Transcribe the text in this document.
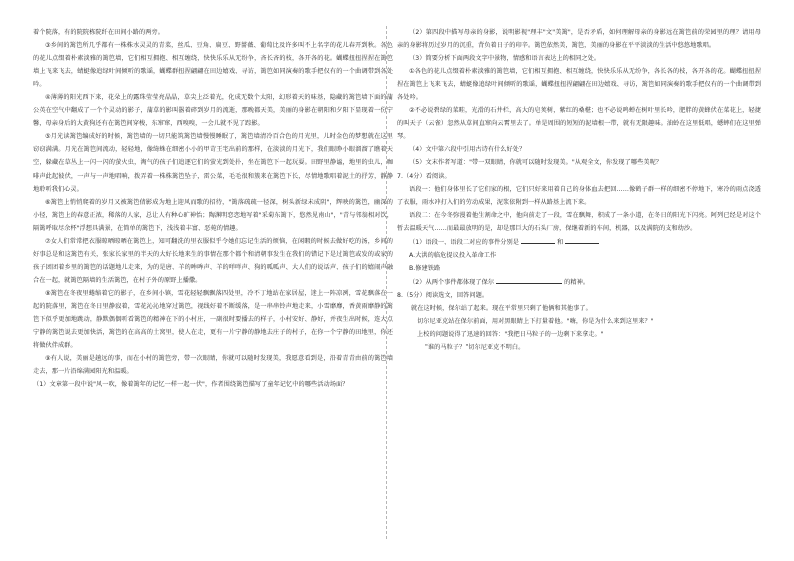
着个院落，有的院院栋院纤在田间小路的两旁。

③乡间的篱笆所几乎都有一株株水灵灵的青菜，丝瓜、豆角、扁豆、野蔷薇、葡萄比及许多叫不上名字的花儿春开到秋。各色的花儿点缀着朴素淡雅的篱笆墙，它们相互拥抱、相互缠绕，快快乐乐从无纷争，吝长吝的枝，各开各的花。蝴蝶扭扭捏捏在篱笆墙上飞来飞去，蜻蜓像追绿叶间倾听的歌谣，蝴蝶群扭捏翩翩在田边嬉戏、寻访，篱笆如同演奏的歌手把仅有的一个曲调带到各处吟。

④薄薄的阳光西下来，花朵上的露珠莹莹亮晶晶，草尖上泛着光，化成无数个太阳，幻形着天的味基，隐藏的篱笆墙下面的蒲公英在空气中翻成了一个个灵动的影子，蒲草的影叫嚣着碎到岁月的流逝，那晚都天美，美丽的身影在朝阳和夕阳下显现着一份宁馨，母亲身后的大黄狗还有在篱笆间穿梭，东窜窜，西嗅嗅，一会儿就不见了踪影。

⑤月光读篱笆编成好的时候，篱笆墙的一切只能筑篱笆墙慢慢睡眠了，篱笆墙清冷百合色的月光里，儿时金色的梦想就在这里窃窃满满。月光在篱笆间流动，轻轻地，像绮蛛在细密小小的甲苛王宅出前的那样，在淡淡的月光下，我们眼睁小眼溜溜了瞧着天空，躲藏在草丛上一闪一闪的萤火虫，淘气的孩子们追逐它们的萤光到处扑，坐在篱笆下一起玩耍。田野里静谧，地里的虫儿，咖啡声此起彼伏，一声与一声地唱响，拨弄着一株株篱笆坠子，雷公菜，毛毛很和簇来在篱笆下长，尽情地歌唱着泥土的抒芳，静静地聆听我们心灵。

⑥篱笆上悄悄爬着的岁月又被篱笆倩影成为地上迎风而歌的招待，"篱落疏疏一径深，树头新绿未成阴"，辉映的篱笆，幽深的小径，篱笆上的春意正浓，稀落的人家，总让人有种心旷神怡；陶渊明恋恋地写着"采菊东篱下，悠然见南山"，"青与邻翁相对饮，隔篱呼取尽余杯"浮想具满景，在简单的篱笆下，浅浅着丰富、恶菀的情趣。

⑦女人们常常把衣服晾晒晾晒在篱笆上，知可翻洗的里衣服似乎令她们忘记生活的烦恼，在闲暇的时候去做好吃的汤，乡间的好事总是和这篱笆有关，张家长家里的半天的大好长地来生的事情在那个都个和清朝事发生在我们的错记下是过篱笆或发的或家的孩子团团着乡里的篱笆的话题地儿走来，为的是唐、羊的哞哞声、羊的咩咩声、狗的呱呱声、大人们的说话声、孩子们的嬉闹声融合在一起，就篱笆隔墙的生活篱笆，在村子外的原野上播撒。

⑧篱笆在冬夜里蜷缩着它的影子，在乡间小镇，雪花轻轻飘飘落四处里，冷不丁地站在家居屋，迷上一阵凉冽，雪花飘落在一起的院落里，篱笆在冬日里静寂着，雪花沁沁地穿过篱笆，视线好着不断缓落，是一串串铃声地走来，小雪靡靡，香黄雨靡静的篱笆下似乎更加地跳动，静默偶偶听看篱笆的精神在下的小村庄，一副很时要播去的样子，小村安好、静好，并夜生出时候，连大点宁静的篱笆说去更加快活，篱笆的在高高的土窝里，使人在走，更有一片宁静的静地去庄子的村子，在你一个宁静的田地里，你还将做伙伴成群。

⑨有人说，美丽是趟远的事，而在小村的篱笆旁，带一次眼睛，你就可以随时发现美，我愿意看到是，沿着青青由前的篱笆墙走去，那一片沿绵满园阳光和温暖。

（1）文章第一段中说"风一吹，像着篱年的记忆一样一起一伏"，作者围绕篱笆描写了童年记忆中的哪些活动场面？

（2）第四段中描写母亲的身影，说明影视"理丰"文"美篱"，是否矛盾，如何理解母亲的身影远在篱笆前的荣园里的理？请用母亲的身影将历过岁月的沉重，背负着日子的印辛。篱笆依然美，篱笆，美丽的身影在平平淡淡的生活中悠悠地歌唱。

（3）简要分析下面两段文字中景物，情感和语言表达上的相同之处。

①各色的花儿点缀着朴素淡雅的篱笆墙，它们相互拥抱、相互缠绕，快快乐乐从无纷争，各长各的枝，各开各的花。蝴蝶扭扭捏捏在篱笆上飞来飞去，蜻蜓像追绿叶间倾听的歌谣，蝴蝶扭扭捏翩翩在田边嬉戏、寻访，篱笆如同演奏的歌手把仅有的一个曲调带到各处吟。

②不必说碧绿的菜畦，光滑的石井栏，高大的皂荚树，紫红的桑椹；也不必说鸣蝉在树叶里长吟，肥胖的黄蜂伏在菜花上，轻捷的叫天子（云雀）忽然从草间直窜向云霄里去了。单是周围的短短的泥墙根一带，就有无限趣味。油蛉在这里低唱，蟋蟀们在这里弹琴。

（4）文中第六段中引用古诗有什么好处？

（5）文末作者写道："带一双眼睛，你就可以随时发现美。"从观全文，你发现了哪些美呢？

7.（4分）看阅读。

语段一：他们身体里长了它们家的根，它们只好来用着自己的身体血去把回……像鹤子群一样的细密不停地下，寒冷的雨点浇透了衣服，雨水冲打入们的劳动成果，泥浆依附到一样从路基上流下来。

语段二：在今冬弥漫着他生割命之中，他向前走了一段，雪在飘舞，积成了一条小道，在冬日的阳光下闪亮。阿列已经是对这个暂去温暖天气……而最最放明的是，却是那巨大的石头厂房，保继着新的车间，机器，以及满院的支和幼沙。

（1）语段一、语段二对应的事件分别是	和

A.大洪的临危提议投入革命工作

B.修建铁路

（2）从两个事件都体现了保尔	的精神。

8.（5分）阅读选文，回答问题。

就在这时候，保尔站了起来。现在平常里只剩了他俩和其他事了。

切尔尼亚克站在保尔前面，用对黑眼睛上下打量着他。"嗨，你是为什么来到这里来？"

上校的问题说得了迅速的回答："我把日马粒子的一边剩下来拿走。"

"谁的马粒子？"切尔尼亚克不明白。
